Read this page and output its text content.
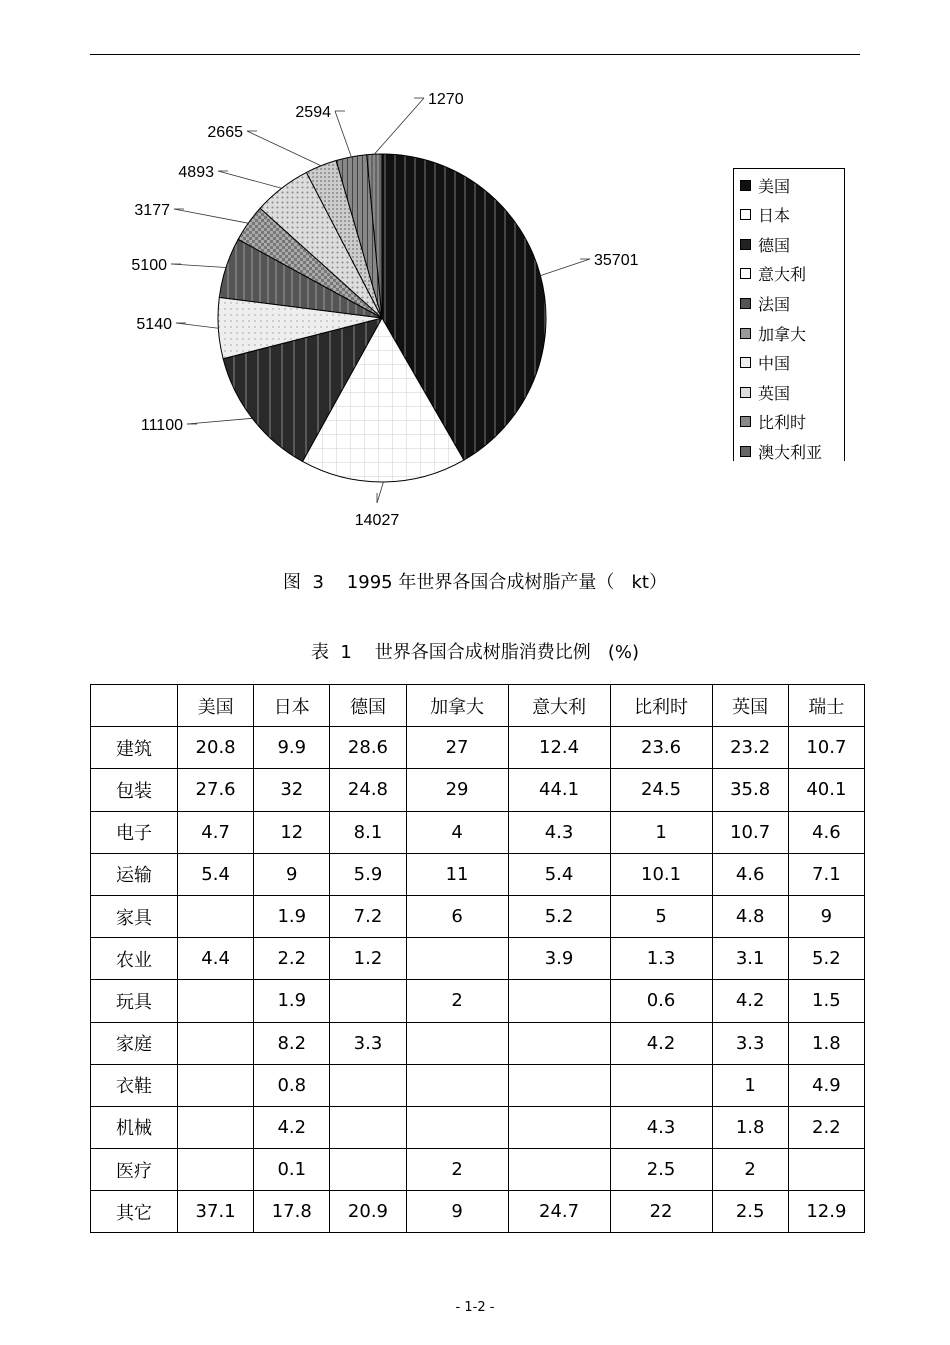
35701
14027
11100
5140
5100
3177
4893
2665
2594
1270
美国
日本
德国
意大利
法国
加拿大
中国
英国
比利时
澳大利亚
图  3    1995 年世界各国合成树脂产量（   kt）
表  1    世界各国合成树脂消费比例   (%)
	美国	日本	德国	加拿大	意大利	比利时	英国	瑞士
建筑	20.8	9.9	28.6	27	12.4	23.6	23.2	10.7
包装	27.6	32	24.8	29	44.1	24.5	35.8	40.1
电子	4.7	12	8.1	4	4.3	1	10.7	4.6
运输	5.4	9	5.9	11	5.4	10.1	4.6	7.1
家具		1.9	7.2	6	5.2	5	4.8	9
农业	4.4	2.2	1.2		3.9	1.3	3.1	5.2
玩具		1.9		2		0.6	4.2	1.5
家庭		8.2	3.3			4.2	3.3	1.8
衣鞋		0.8					1	4.9
机械		4.2				4.3	1.8	2.2
医疗		0.1		2		2.5	2	
其它	37.1	17.8	20.9	9	24.7	22	2.5	12.9
- 1-2 -
